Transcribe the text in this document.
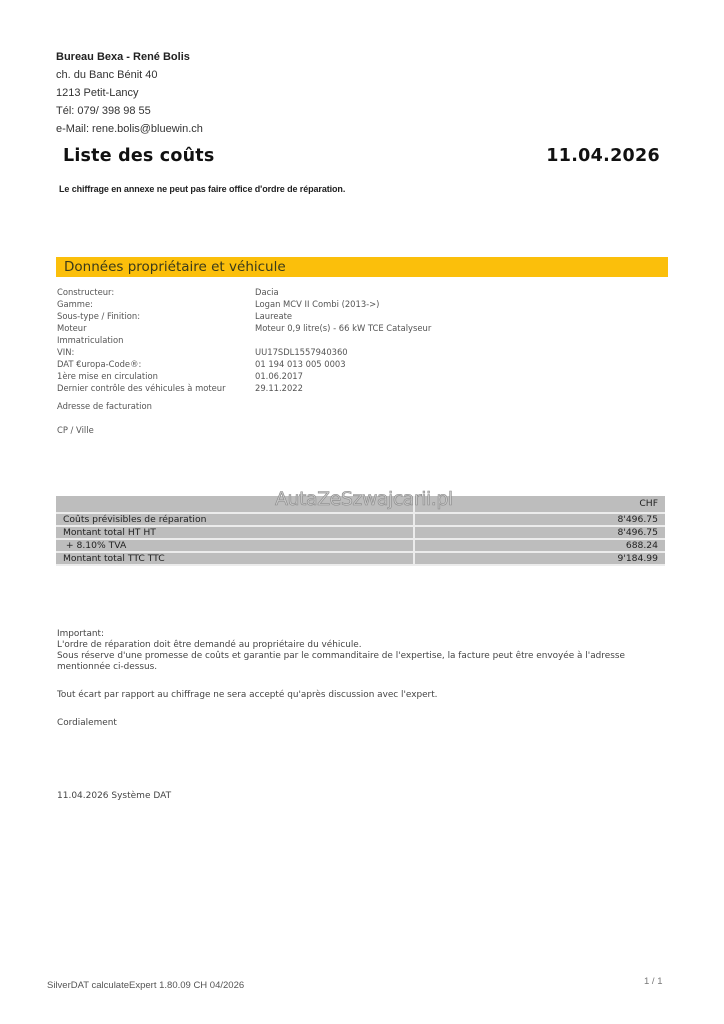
Bureau Bexa - René Bolis
ch. du Banc Bénit 40
1213 Petit-Lancy
Tél: 079/ 398 98 55
e-Mail: rene.bolis@bluewin.ch
Liste des coûts	11.04.2026
Le chiffrage en annexe ne peut pas faire office d'ordre de réparation.
Données propriétaire et véhicule
Constructeur:	Dacia
Gamme:	Logan MCV II Combi (2013->)
Sous-type / Finition:	Laureate
Moteur	Moteur 0,9 litre(s) - 66 kW TCE Catalyseur
Immatriculation
VIN:	UU17SDL1557940360
DAT €uropa-Code®:	01 194 013 005 0003
1ère mise en circulation	01.06.2017
Dernier contrôle des véhicules à moteur	29.11.2022
Adresse de facturation
CP / Ville
	CHF
Coûts prévisibles de réparation	8'496.75
Montant total HT HT	8'496.75
+ 8.10% TVA	688.24
Montant total TTC TTC	9'184.99
AutaZeSzwajcarii.pl

Important:

L'ordre de réparation doit être demandé au propriétaire du véhicule.

Sous réserve d'une promesse de coûts et garantie par le commanditaire de l'expertise, la facture peut être envoyée à l'adresse mentionnée ci-dessus.

Tout écart par rapport au chiffrage ne sera accepté qu'après discussion avec l'expert.

Cordialement

11.04.2026 Système DAT
SilverDAT calculateExpert 1.80.09 CH 04/2026	1 / 1
